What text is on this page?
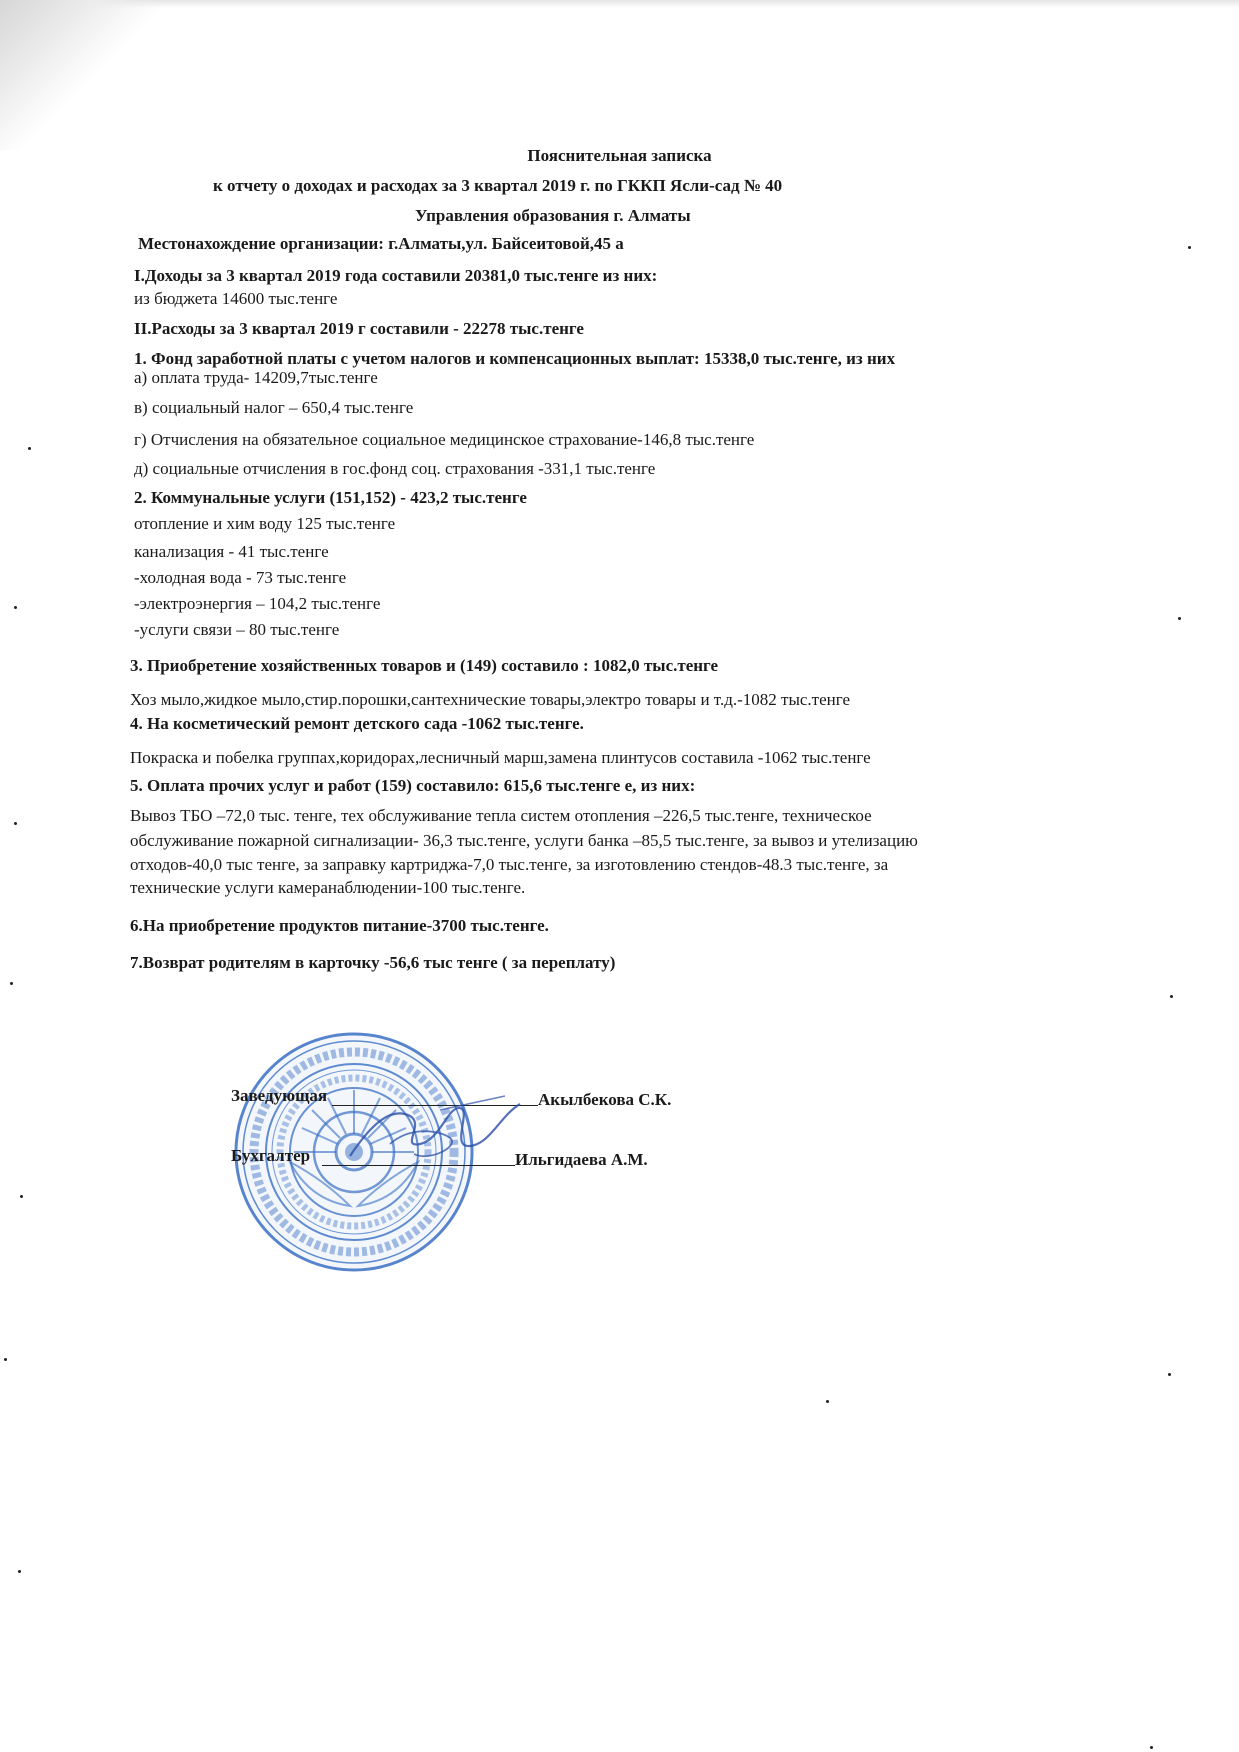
Пояснительная записка
к отчету о доходах и расходах за 3 квартал 2019 г. по ГККП Ясли-сад № 40
Управления образования г. Алматы
Местонахождение организации: г.Алматы,ул. Байсеитовой,45 а
I.Доходы за 3 квартал 2019 года составили 20381,0 тыс.тенге из них:
из бюджета 14600 тыс.тенге
II.Расходы за 3 квартал 2019 г составили - 22278 тыс.тенге
1. Фонд заработной платы с учетом налогов и компенсационных выплат: 15338,0 тыс.тенге, из них
а) оплата труда- 14209,7тыс.тенге
в) социальный налог – 650,4 тыс.тенге
г) Отчисления на обязательное социальное медицинское страхование-146,8 тыс.тенге
д) социальные отчисления в гос.фонд соц. страхования -331,1 тыс.тенге
2. Коммунальные услуги (151,152) - 423,2 тыс.тенге
отопление и хим воду 125 тыс.тенге
канализация - 41 тыс.тенге
-холодная вода - 73 тыс.тенге
-электроэнергия – 104,2 тыс.тенге
-услуги связи – 80 тыс.тенге
3. Приобретение хозяйственных товаров и (149) составило : 1082,0 тыс.тенге
Хоз мыло,жидкое мыло,стир.порошки,сантехнические товары,электро товары и т.д.-1082 тыс.тенге
4. На косметический ремонт детского сада -1062 тыс.тенге.
Покраска и побелка группах,коридорах,лесничный марш,замена плинтусов составила -1062 тыс.тенге
5. Оплата прочих услуг и работ (159) составило: 615,6 тыс.тенге е, из них:
Вывоз ТБО –72,0 тыс. тенге, тех обслуживание тепла систем отопления –226,5 тыс.тенге, техническое
обслуживание пожарной сигнализации- 36,3 тыс.тенге, услуги банка –85,5 тыс.тенге, за вывоз и утелизацию
отходов-40,0 тыс тенге, за заправку картриджа-7,0 тыс.тенге, за изготовлению стендов-48.3 тыс.тенге, за
технические услуги камеранаблюдении-100 тыс.тенге.
6.На приобретение продуктов питание-3700 тыс.тенге.
7.Возврат родителям в карточку -56,6 тыс тенге ( за переплату)
Заведующая	Акылбекова С.К.
Бухгалтер	Ильгидаева А.М.
